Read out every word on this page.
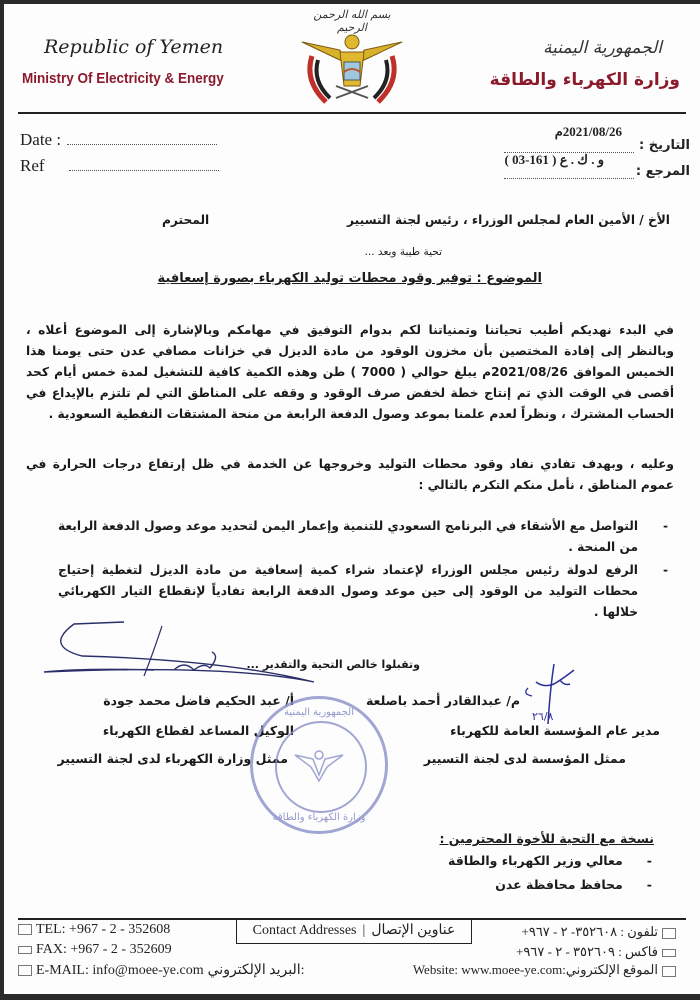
Republic of Yemen
Ministry Of Electricity & Energy
الجمهورية اليمنية
وزارة الكهرباء والطاقة
بسم الله الرحمن الرحيم
Date :
Ref
2021/08/26م
التاريخ :
و . ك . ع ( 161-03 )
المرجع :
الأخ / الأمين العام لمجلس الوزراء ، رئيس لجنة التسيير
المحترم
تحية طيبة وبعد ...
الموضوع : توفير وقود محطات توليد الكهرباء بصورة إسعافية
في البدء نهديكم أطيب تحياتنا وتمنياتنا لكم بدوام التوفيق في مهامكم وبالإشارة إلى الموضوع أعلاه ، وبالنظر إلى إفادة المختصين بأن مخزون الوقود من مادة الديزل في خزانات مصافي عدن حتى يومنا هذا الخميس الموافق 2021/08/26م يبلغ حوالي ( 7000 ) طن وهذه الكمية كافية للتشغيل لمدة خمس أيام كحد أقصى في الوقت الذي تم إنتاج خطة لخفض صرف الوقود و وقفه على المناطق التي لم تلتزم بالإيداع في الحساب المشترك ، ونظراً لعدم علمنا بموعد وصول الدفعة الرابعة من منحة المشتقات النفطية السعودية .
وعليه ، وبهدف تفادي نفاد وقود محطات التوليد وخروجها عن الخدمة في ظل إرتفاع درجات الحرارة في عموم المناطق ، نأمل منكم التكرم بالتالي :
-
التواصل مع الأشقاء في البرنامج السعودي للتنمية وإعمار اليمن لتحديد موعد وصول الدفعة الرابعة من المنحة .
-
الرفع لدولة رئيس مجلس الوزراء لإعتماد شراء كمية إسعافية من مادة الديزل لتغطية إحتياج محطات التوليد من الوقود إلى حين موعد وصول الدفعة الرابعة تفادياً لإنقطاع التيار الكهربائي خلالها .
وتقبلوا خالص التحية والتقدير ...
٢٦/٨
م/ عبدالقادر أحمد باصلعة
مدير عام المؤسسة العامة للكهرباء
ممثل المؤسسة لدى لجنة التسيير
أ/ عبد الحكيم فاضل محمد جودة
الوكيل المساعد لقطاع الكهرباء
ممثل وزارة الكهرباء لدى لجنة التسيير
الجمهورية اليمنية
وزارة الكهرباء والطاقة
نسخة مع التحية للأخوة المحترمين :
-معالي وزير الكهرباء والطاقة
-محافظ محافظة عدن
Contact Addresses | عناوين الإتصال
TEL: +967 - 2 - 352608
FAX: +967 - 2 - 352609
E-MAIL: info@moee-ye.com البريد الإلكتروني:
تلفون : ٣٥٢٦٠٨- ٢ - ٩٦٧+
فاكس : ٣٥٢٦٠٩ - ٢ - ٩٦٧+
الموقع الإلكتروني:Website: www.moee-ye.com
